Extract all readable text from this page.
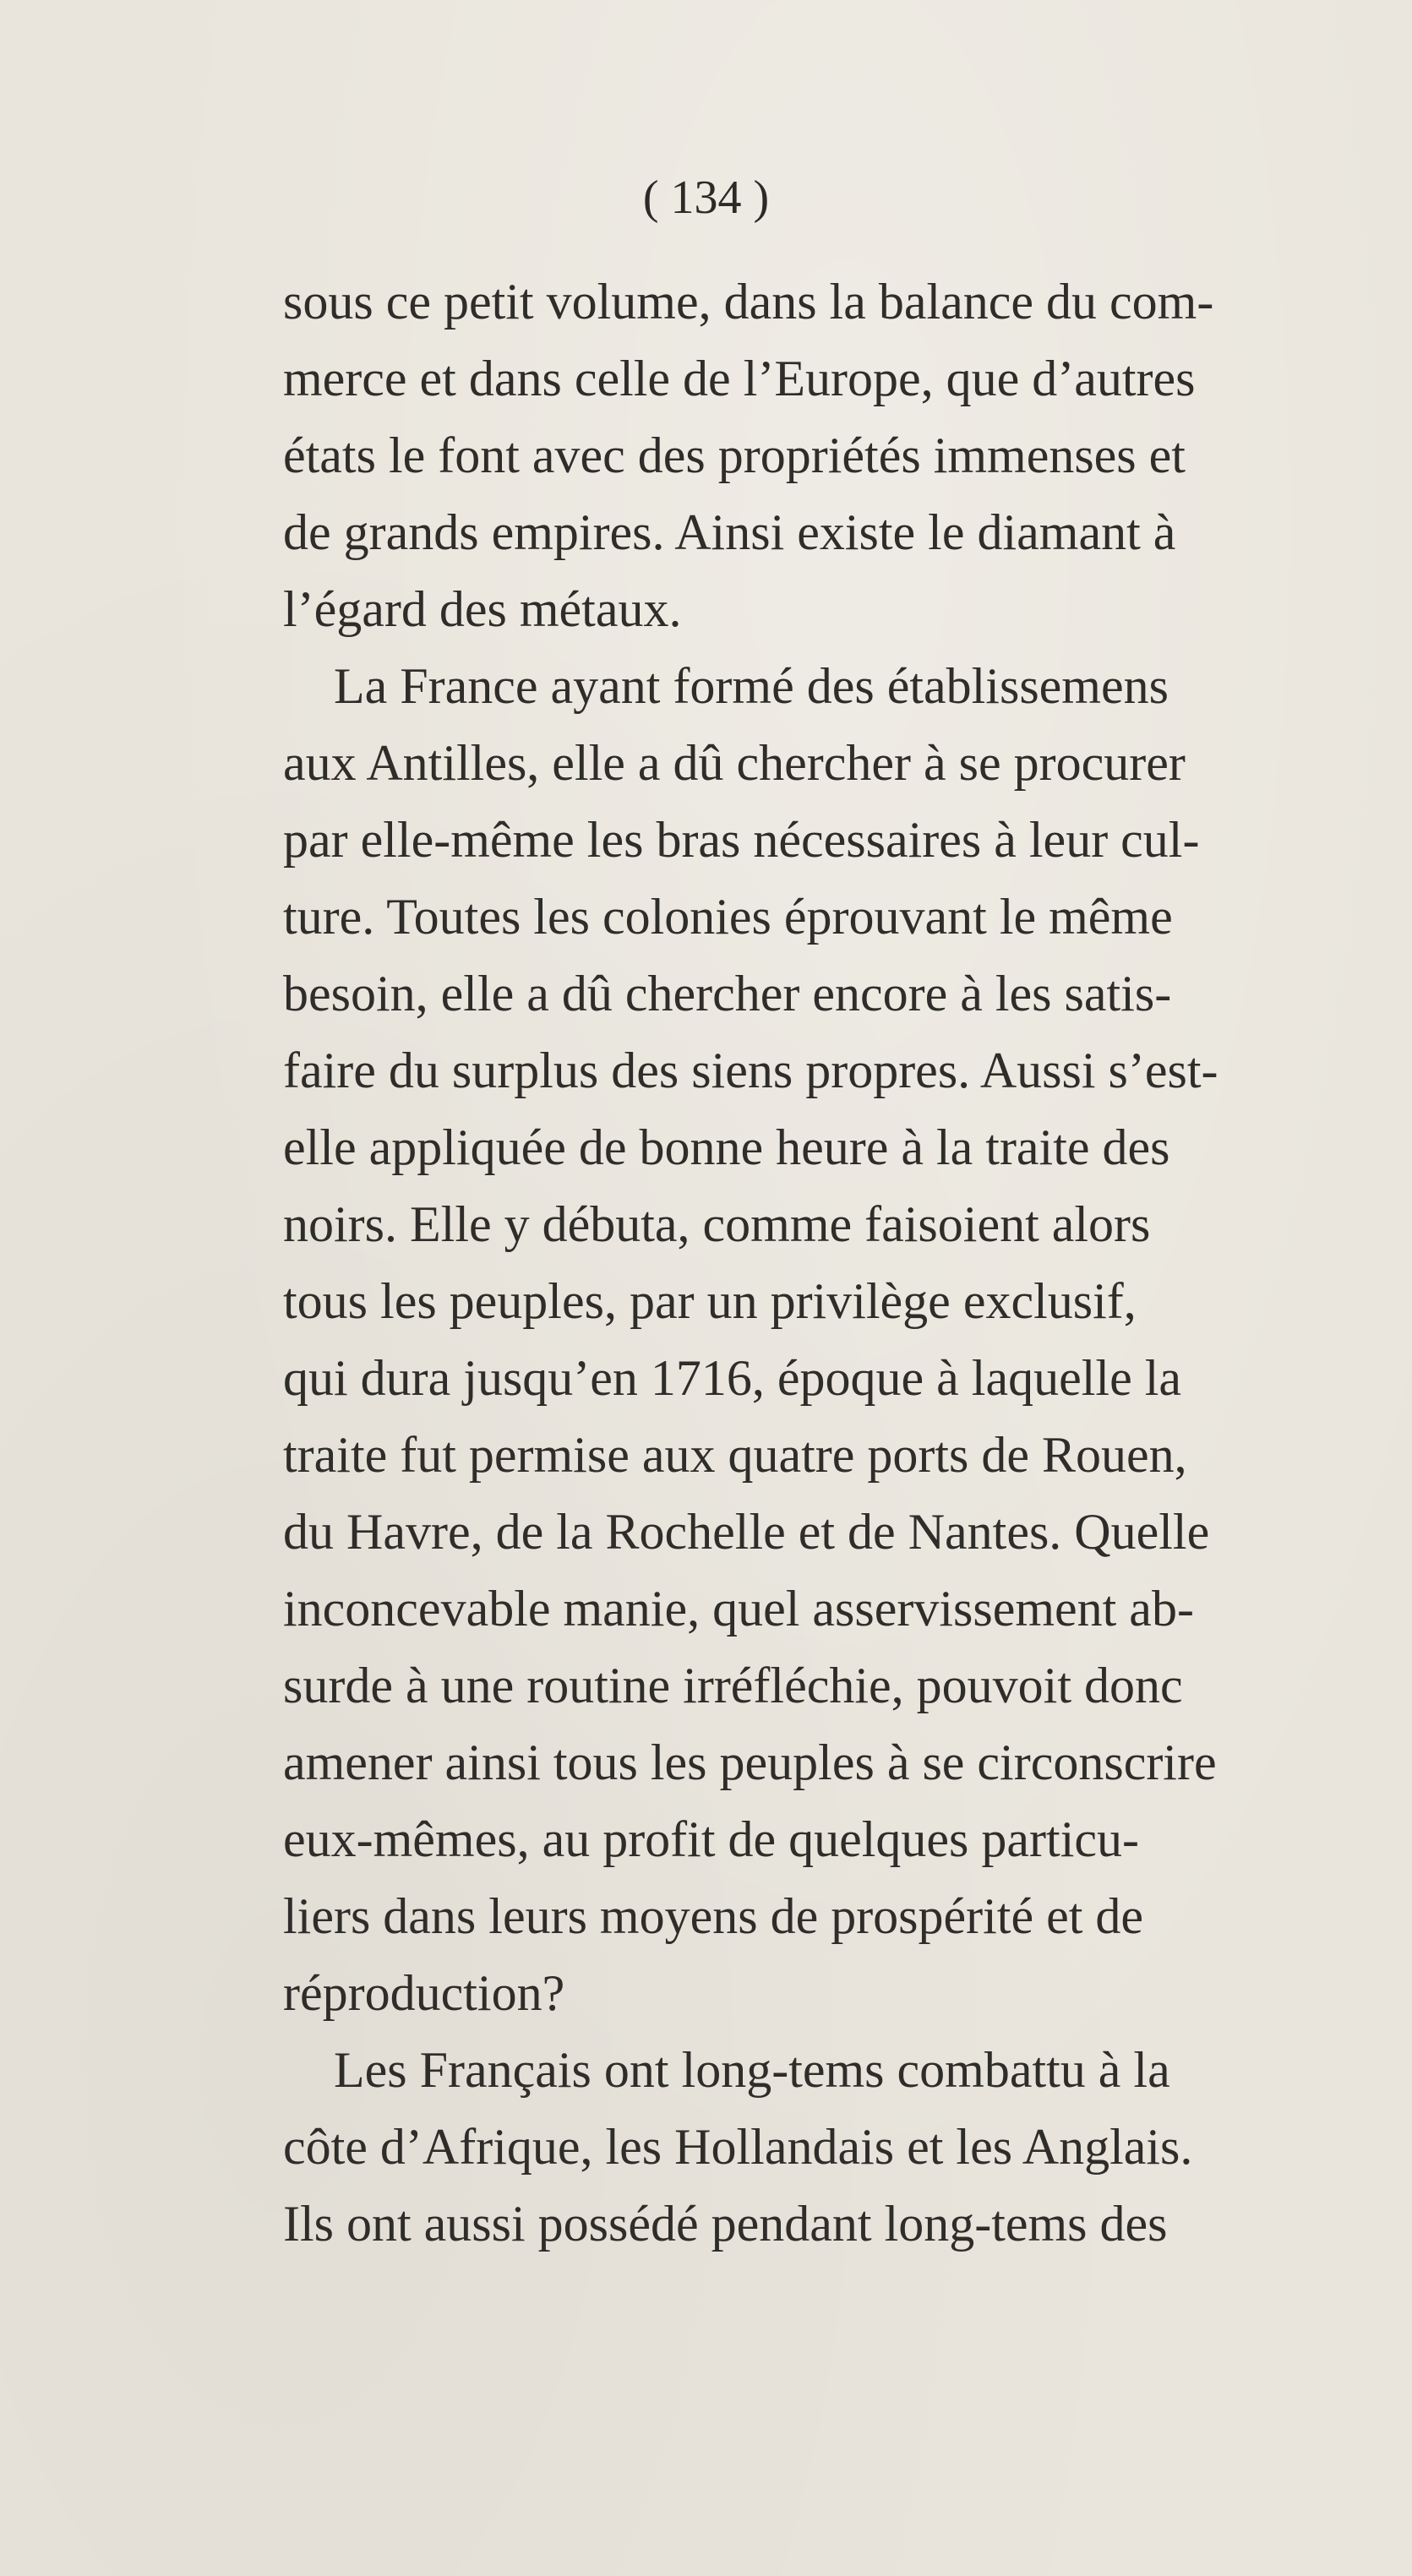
( 134 )
sous ce petit volume, dans la balance du com-
merce et dans celle de l’Europe, que d’autres
états le font avec des propriétés immenses et
de grands empires. Ainsi existe le diamant à
l’égard des métaux.
La France ayant formé des établissemens
aux Antilles, elle a dû chercher à se procurer
par elle-même les bras nécessaires à leur cul-
ture. Toutes les colonies éprouvant le même
besoin, elle a dû chercher encore à les satis-
faire du surplus des siens propres. Aussi s’est-
elle appliquée de bonne heure à la traite des
noirs. Elle y débuta, comme faisoient alors
tous les peuples, par un privilège exclusif,
qui dura jusqu’en 1716, époque à laquelle la
traite fut permise aux quatre ports de Rouen,
du Havre, de la Rochelle et de Nantes. Quelle
inconcevable manie, quel asservissement ab-
surde à une routine irréfléchie, pouvoit donc
amener ainsi tous les peuples à se circonscrire
eux-mêmes, au profit de quelques particu-
liers dans leurs moyens de prospérité et de
réproduction?
Les Français ont long-tems combattu à la
côte d’Afrique, les Hollandais et les Anglais.
Ils ont aussi possédé pendant long-tems des
